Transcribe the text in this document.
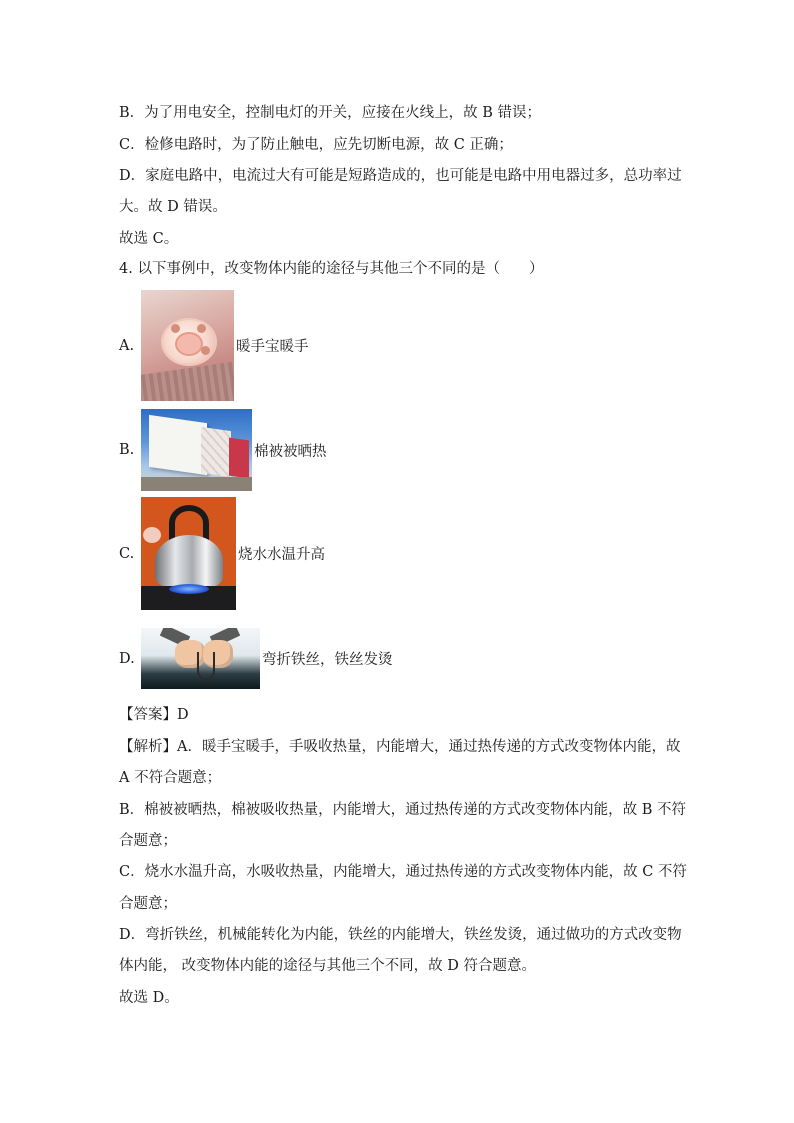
B．为了用电安全，控制电灯的开关，应接在火线上，故 B 错误；
C．检修电路时，为了防止触电，应先切断电源，故 C 正确；
D．家庭电路中，电流过大有可能是短路造成的，也可能是电路中用电器过多，总功率过
大。故 D 错误。
故选 C。
4. 以下事例中，改变物体内能的途径与其他三个不同的是（　　）
A.	暖手宝暖手
B.	棉被被晒热
C.	烧水水温升高
D.	弯折铁丝，铁丝发烫
【答案】D
【解析】A．暖手宝暖手，手吸收热量，内能增大，通过热传递的方式改变物体内能，故
A 不符合题意；
B．棉被被晒热，棉被吸收热量，内能增大，通过热传递的方式改变物体内能，故 B 不符
合题意；
C．烧水水温升高，水吸收热量，内能增大，通过热传递的方式改变物体内能，故 C 不符
合题意；
D．弯折铁丝，机械能转化为内能，铁丝的内能增大，铁丝发烫，通过做功的方式改变物
体内能， 改变物体内能的途径与其他三个不同，故 D 符合题意。
故选 D。
